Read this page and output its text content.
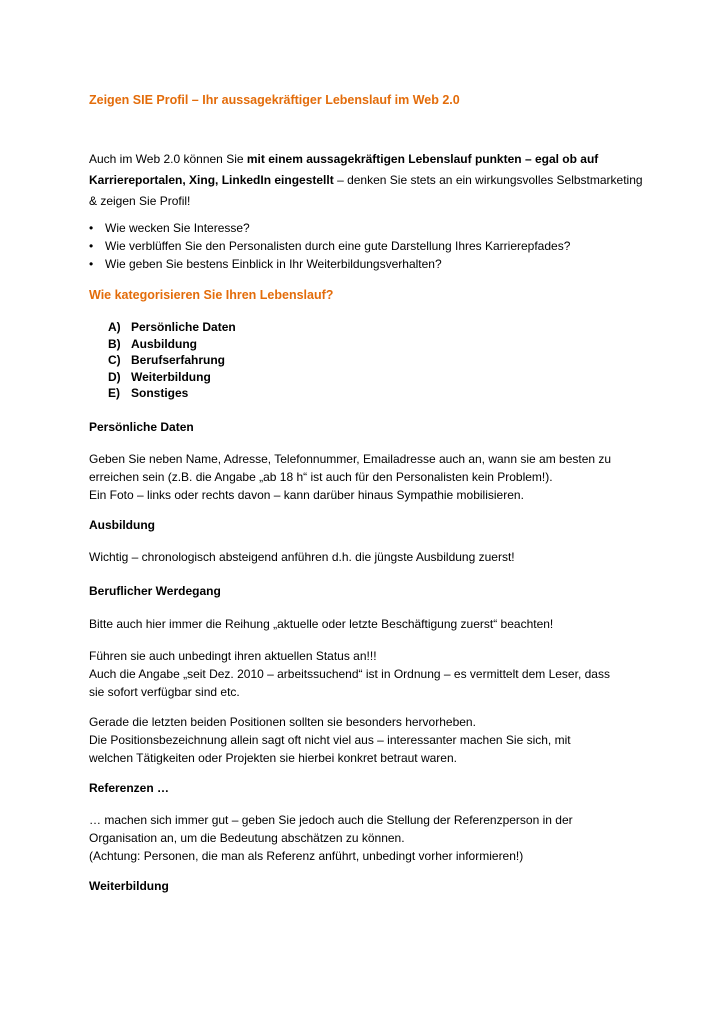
Zeigen SIE Profil – Ihr aussagekräftiger Lebenslauf im Web 2.0

Auch im Web 2.0 können Sie mit einem aussagekräftigen Lebenslauf punkten – egal ob auf Karriereportalen, Xing, LinkedIn eingestellt – denken Sie stets an ein wirkungsvolles Selbstmarketing & zeigen Sie Profil!

• Wie wecken Sie Interesse?
• Wie verblüffen Sie den Personalisten durch eine gute Darstellung Ihres Karrierepfades?
• Wie geben Sie bestens Einblick in Ihr Weiterbildungsverhalten?
Wie kategorisieren Sie Ihren Lebenslauf?
A) Persönliche Daten
B) Ausbildung
C) Berufserfahrung
D) Weiterbildung
E) Sonstiges
Persönliche Daten

Geben Sie neben Name, Adresse, Telefonnummer, Emailadresse auch an, wann sie am besten zu
erreichen sein (z.B. die Angabe „ab 18 h“ ist auch für den Personalisten kein Problem!).
Ein Foto – links oder rechts davon – kann darüber hinaus Sympathie mobilisieren.

Ausbildung

Wichtig – chronologisch absteigend anführen d.h. die jüngste Ausbildung zuerst!

Beruflicher Werdegang

Bitte auch hier immer die Reihung „aktuelle oder letzte Beschäftigung zuerst“ beachten!

Führen sie auch unbedingt ihren aktuellen Status an!!!
Auch die Angabe „seit Dez. 2010 – arbeitssuchend“ ist in Ordnung – es vermittelt dem Leser, dass
sie sofort verfügbar sind etc.

Gerade die letzten beiden Positionen sollten sie besonders hervorheben.
Die Positionsbezeichnung allein sagt oft nicht viel aus – interessanter machen Sie sich, mit
welchen Tätigkeiten oder Projekten sie hierbei konkret betraut waren.

Referenzen …

… machen sich immer gut – geben Sie jedoch auch die Stellung der Referenzperson in der
Organisation an, um die Bedeutung abschätzen zu können.
(Achtung: Personen, die man als Referenz anführt, unbedingt vorher informieren!)

Weiterbildung
